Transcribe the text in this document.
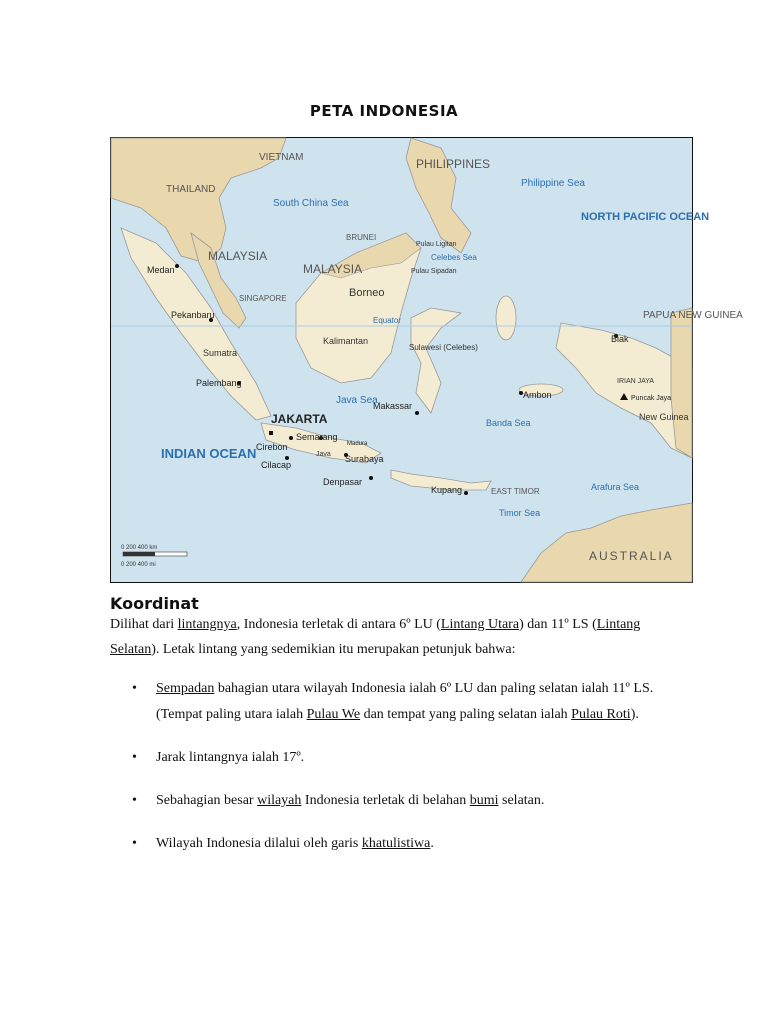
PETA INDONESIA
VIETNAM
THAILAND
PHILIPPINES
MALAYSIA
MALAYSIA
BRUNEI
SINGAPORE
EAST TIMOR
PAPUA NEW GUINEA
AUSTRALIA
South China Sea
Philippine Sea
NORTH PACIFIC OCEAN
INDIAN OCEAN
Java Sea
Celebes Sea
Banda Sea
Arafura Sea
Timor Sea
Equator
Borneo
Kalimantan
Sumatra
Sulawesi (Celebes)
IRIAN JAYA
New Guinea
Java
Pulau Ligitan
Pulau Sipadan
Medan
Pekanbaru
Palembang
JAKARTA
Cirebon
Cilacap
Semarang
Madura
Surabaya
Denpasar
Makassar
Ambon
Kupang
Biak
Puncak Jaya
0 200 400 km
0 200 400 mi
Koordinat

Dilihat dari lintangnya, Indonesia terletak di antara 6º LU (Lintang Utara) dan 11º LS (Lintang Selatan). Letak lintang yang sedemikian itu merupakan petunjuk bahwa:

• Sempadan bahagian utara wilayah Indonesia ialah 6º LU dan paling selatan ialah 11º LS. (Tempat paling utara ialah Pulau We dan tempat yang paling selatan ialah Pulau Roti).
• Jarak lintangnya ialah 17º.
• Sebahagian besar wilayah Indonesia terletak di belahan bumi selatan.
• Wilayah Indonesia dilalui oleh garis khatulistiwa.
